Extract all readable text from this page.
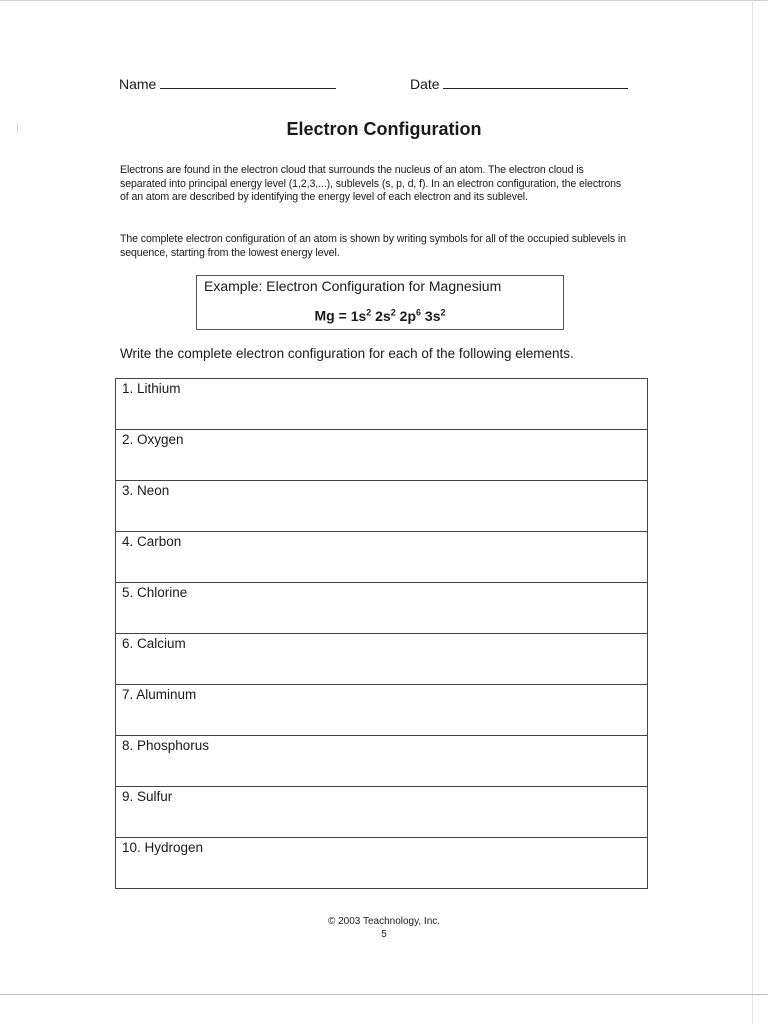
Name	Date
Electron Configuration
Electrons are found in the electron cloud that surrounds the nucleus of an atom. The electron cloud is separated into principal energy level (1,2,3,...), sublevels (s, p, d, f). In an electron configuration, the electrons of an atom are described by identifying the energy level of each electron and its sublevel.
The complete electron configuration of an atom is shown by writing symbols for all of the occupied sublevels in sequence, starting from the lowest energy level.
Example: Electron Configuration for Magnesium
$Mg = 1s^2$ $2s^2$ $2p^6$ $3s^2$
Write the complete electron configuration for each of the following elements.
1. Lithium
2. Oxygen
3. Neon
4. Carbon
5. Chlorine
6. Calcium
7. Aluminum
8. Phosphorus
9. Sulfur
10. Hydrogen
© 2003 Teachnology, Inc.
5
